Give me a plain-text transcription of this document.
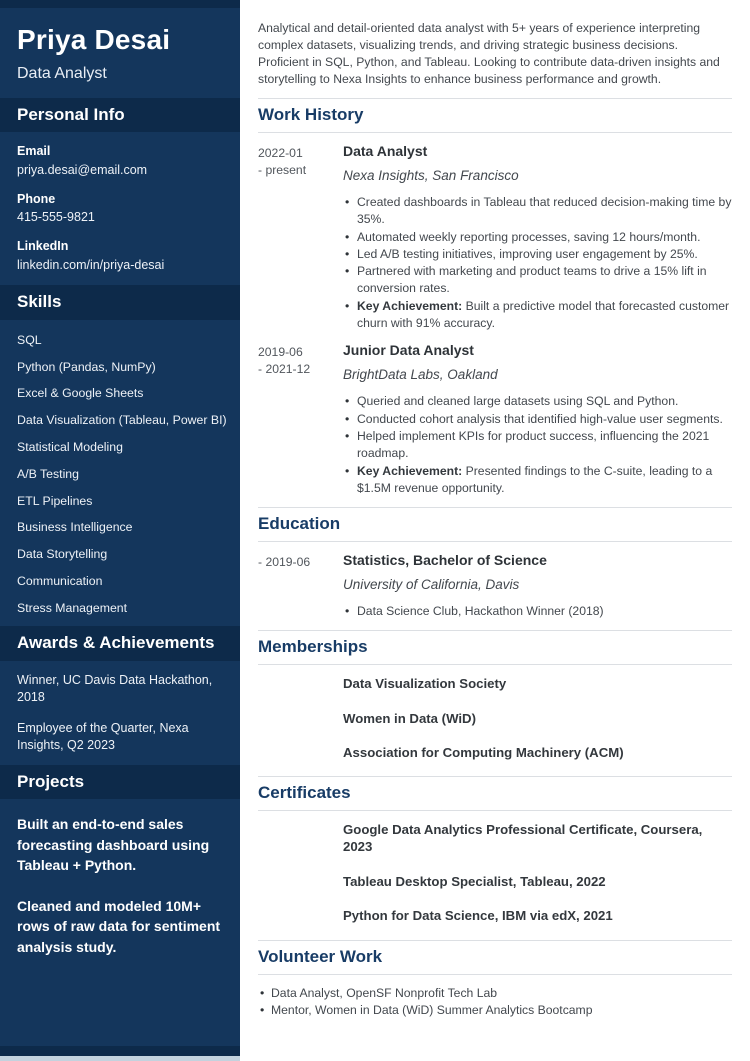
Priya Desai
Data Analyst
Personal Info
Email
priya.desai@email.com
Phone
415-555-9821
LinkedIn
linkedin.com/in/priya-desai
Skills
SQL
Python (Pandas, NumPy)
Excel & Google Sheets
Data Visualization (Tableau, Power BI)
Statistical Modeling
A/B Testing
ETL Pipelines
Business Intelligence
Data Storytelling
Communication
Stress Management
Awards & Achievements
Winner, UC Davis Data Hackathon, 2018
Employee of the Quarter, Nexa Insights, Q2 2023
Projects
Built an end-to-end sales forecasting dashboard using Tableau + Python.
Cleaned and modeled 10M+ rows of raw data for sentiment analysis study.

Analytical and detail-oriented data analyst with 5+ years of experience interpreting complex datasets, visualizing trends, and driving strategic business decisions. Proficient in SQL, Python, and Tableau. Looking to contribute data-driven insights and storytelling to Nexa Insights to enhance business performance and growth.

Work History
2022-01
- present
Data Analyst
Nexa Insights, San Francisco
• Created dashboards in Tableau that reduced decision-making time by 35%.
• Automated weekly reporting processes, saving 12 hours/month.
• Led A/B testing initiatives, improving user engagement by 25%.
• Partnered with marketing and product teams to drive a 15% lift in conversion rates.
• Key Achievement: Built a predictive model that forecasted customer churn with 91% accuracy.
2019-06
- 2021-12
Junior Data Analyst
BrightData Labs, Oakland
• Queried and cleaned large datasets using SQL and Python.
• Conducted cohort analysis that identified high-value user segments.
• Helped implement KPIs for product success, influencing the 2021 roadmap.
• Key Achievement: Presented findings to the C-suite, leading to a $1.5M revenue opportunity.
Education
- 2019-06	Statistics, Bachelor of Science
University of California, Davis
• Data Science Club, Hackathon Winner (2018)
Memberships
Data Visualization Society
Women in Data (WiD)
Association for Computing Machinery (ACM)
Certificates
Google Data Analytics Professional Certificate, Coursera, 2023
Tableau Desktop Specialist, Tableau, 2022
Python for Data Science, IBM via edX, 2021
Volunteer Work
• Data Analyst, OpenSF Nonprofit Tech Lab
• Mentor, Women in Data (WiD) Summer Analytics Bootcamp
